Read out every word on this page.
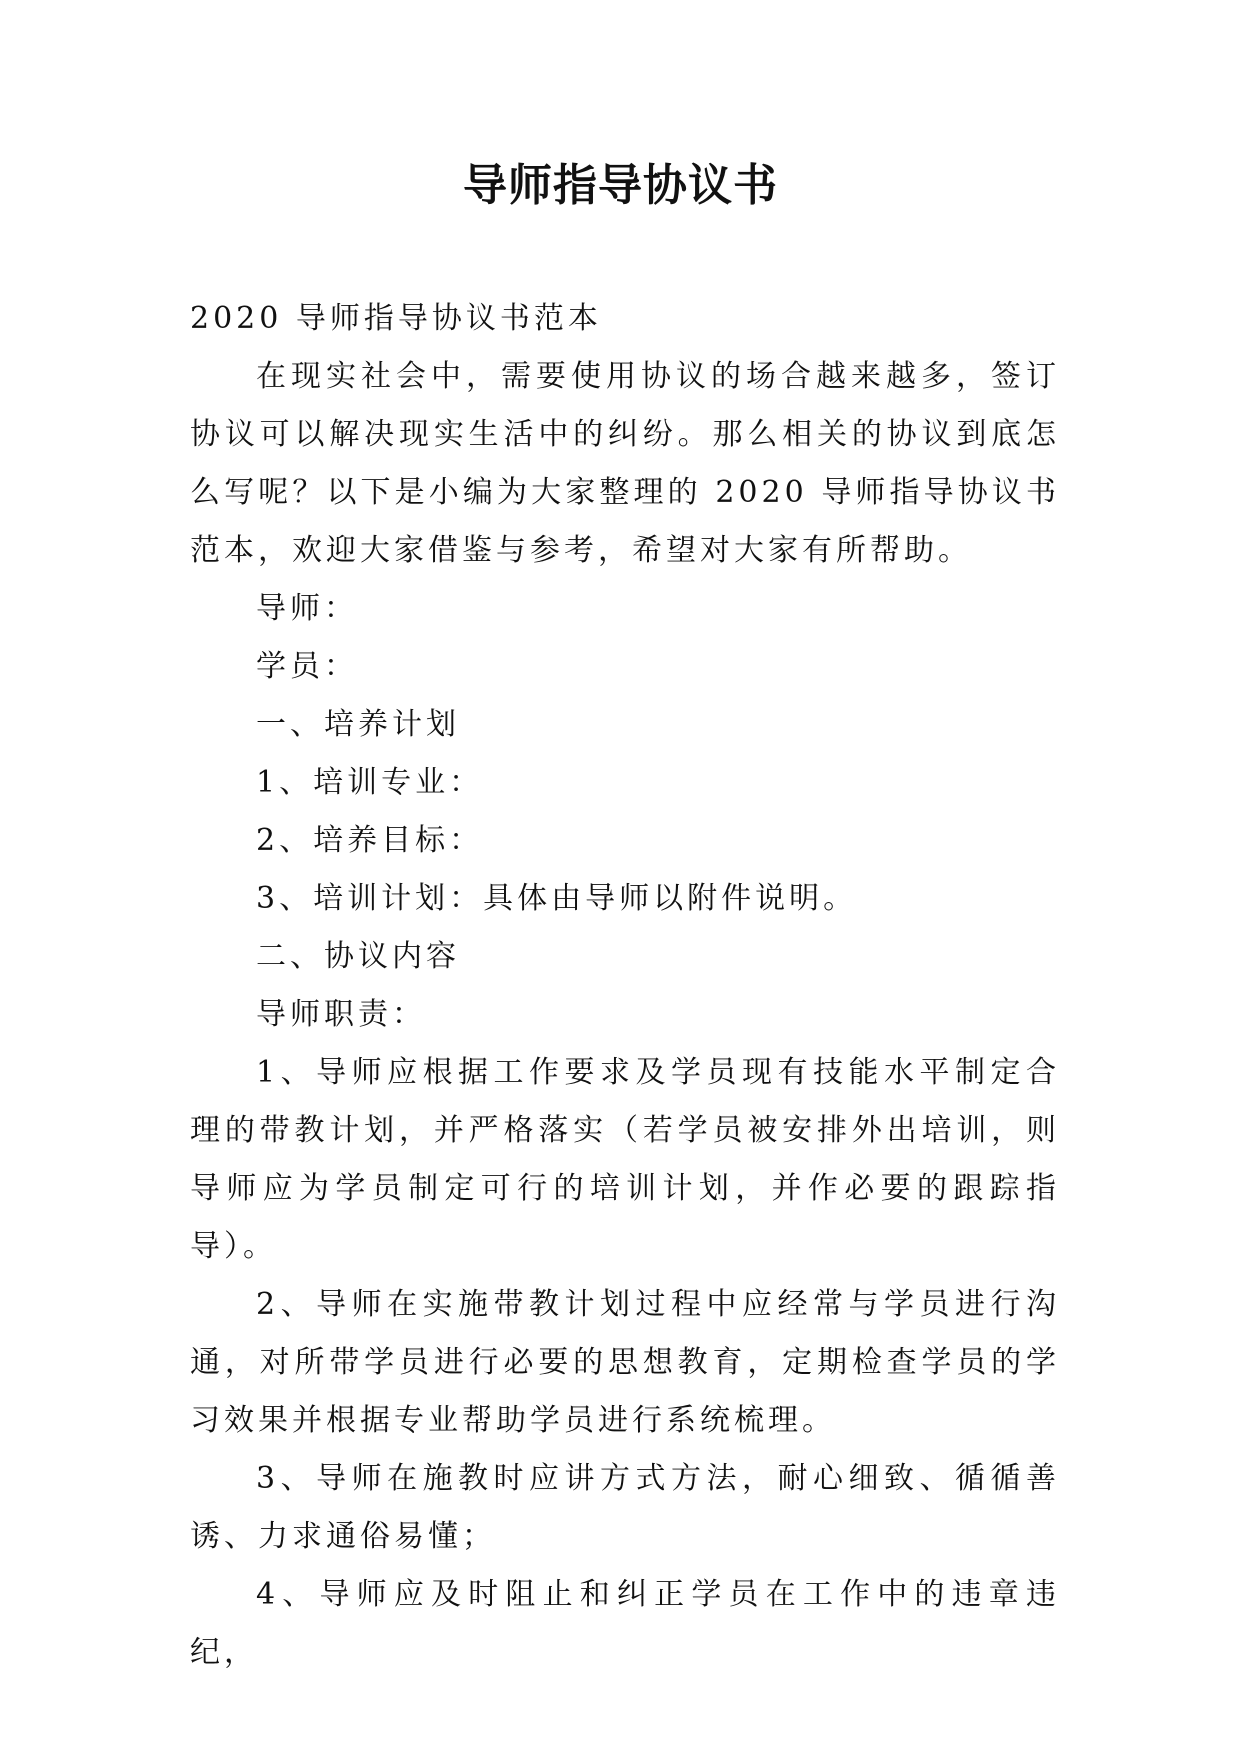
导师指导协议书

2020 导师指导协议书范本

在现实社会中，需要使用协议的场合越来越多，签订协议可以解决现实生活中的纠纷。那么相关的协议到底怎么写呢？以下是小编为大家整理的 2020 导师指导协议书范本，欢迎大家借鉴与参考，希望对大家有所帮助。

导师：

学员：

一、培养计划

1、培训专业：

2、培养目标：

3、培训计划：具体由导师以附件说明。

二、协议内容

导师职责：

1、导师应根据工作要求及学员现有技能水平制定合理的带教计划，并严格落实（若学员被安排外出培训，则导师应为学员制定可行的培训计划，并作必要的跟踪指导）。

2、导师在实施带教计划过程中应经常与学员进行沟通，对所带学员进行必要的思想教育，定期检查学员的学习效果并根据专业帮助学员进行系统梳理。

3、导师在施教时应讲方式方法，耐心细致、循循善诱、力求通俗易懂；

4、导师应及时阻止和纠正学员在工作中的违章违纪，
